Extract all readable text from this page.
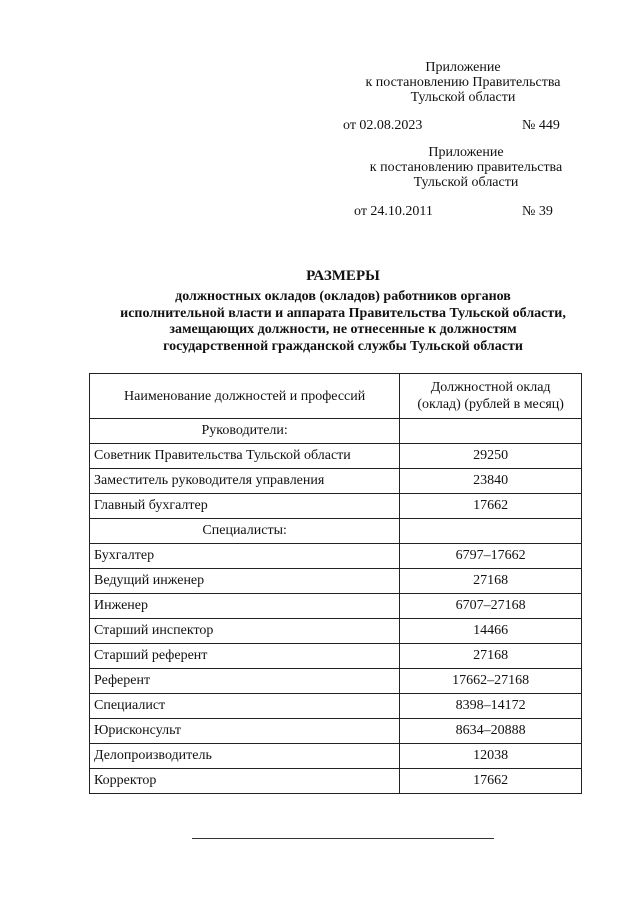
Приложение
к постановлению Правительства
Тульской области
от 02.08.2023	№ 449
Приложение
к постановлению правительства
Тульской области
от 24.10.2011	№ 39
РАЗМЕРЫ
должностных окладов (окладов) работников органов
исполнительной власти и аппарата Правительства Тульской области,
замещающих должности, не отнесенные к должностям
государственной гражданской службы Тульской области
Наименование должностей и профессий	Должностной оклад
(оклад) (рублей в месяц)

Руководители:	
Советник Правительства Тульской области	29250
Заместитель руководителя управления	23840
Главный бухгалтер	17662
Специалисты:	
Бухгалтер	6797–17662
Ведущий инженер	27168
Инженер	6707–27168
Старший инспектор	14466
Старший референт	27168
Референт	17662–27168
Специалист	8398–14172
Юрисконсульт	8634–20888
Делопроизводитель	12038
Корректор	17662
